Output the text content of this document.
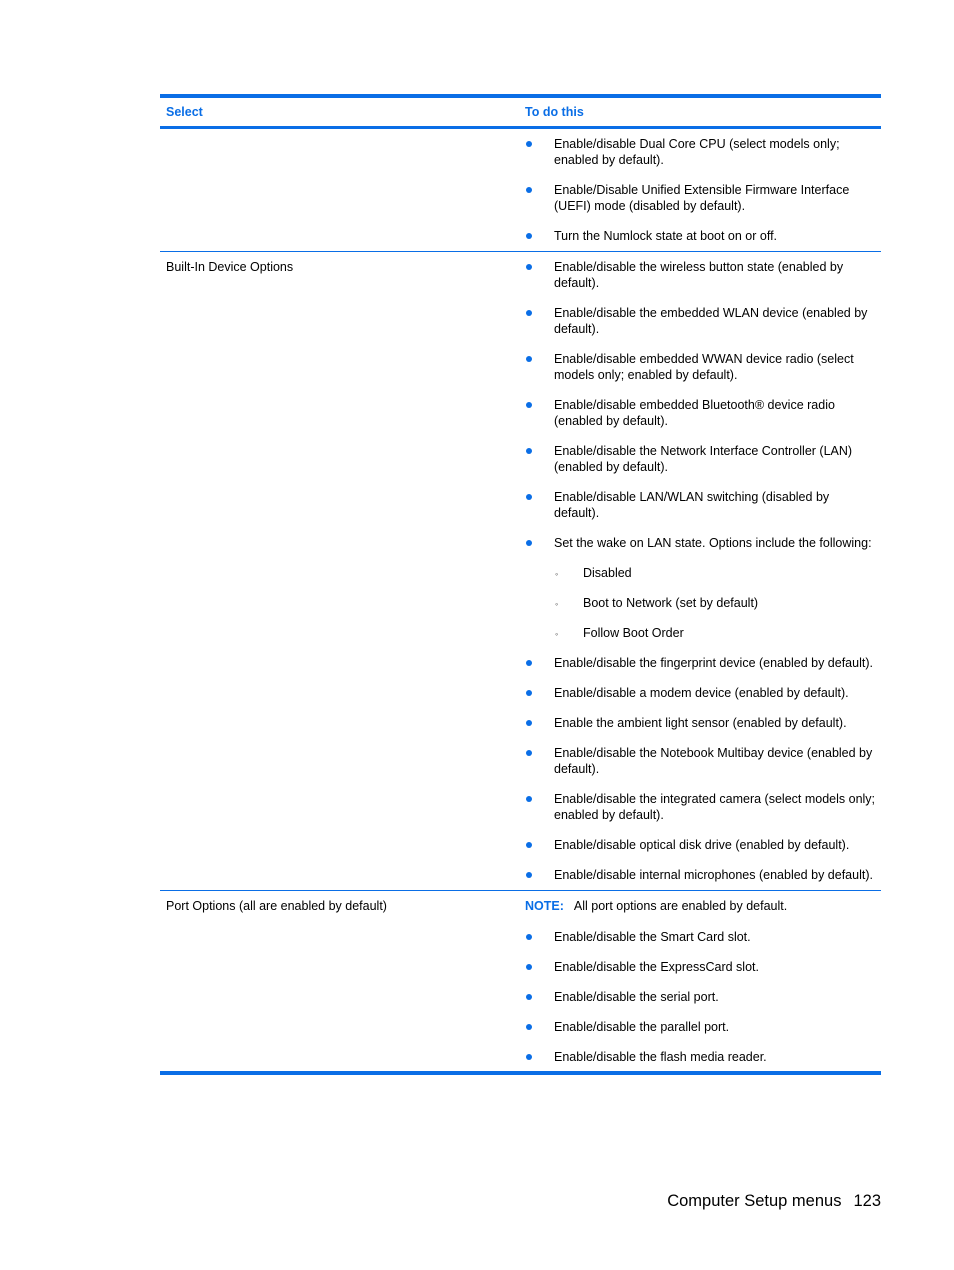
Select	To do this
Enable/disable Dual Core CPU (select models only; enabled by default).
Enable/Disable Unified Extensible Firmware Interface (UEFI) mode (disabled by default).
Turn the Numlock state at boot on or off.
Built-In Device Options	Enable/disable the wireless button state (enabled by default).
Enable/disable the embedded WLAN device (enabled by default).
Enable/disable embedded WWAN device radio (select models only; enabled by default).
Enable/disable embedded Bluetooth® device radio (enabled by default).
Enable/disable the Network Interface Controller (LAN) (enabled by default).
Enable/disable LAN/WLAN switching (disabled by default).
Set the wake on LAN state. Options include the following:
◦ Disabled
◦ Boot to Network (set by default)
◦ Follow Boot Order
Enable/disable the fingerprint device (enabled by default).
Enable/disable a modem device (enabled by default).
Enable the ambient light sensor (enabled by default).
Enable/disable the Notebook Multibay device (enabled by default).
Enable/disable the integrated camera (select models only; enabled by default).
Enable/disable optical disk drive (enabled by default).
Enable/disable internal microphones (enabled by default).
Port Options (all are enabled by default)	NOTE: All port options are enabled by default.
Enable/disable the Smart Card slot.
Enable/disable the ExpressCard slot.
Enable/disable the serial port.
Enable/disable the parallel port.
Enable/disable the flash media reader.
Computer Setup menus 123
